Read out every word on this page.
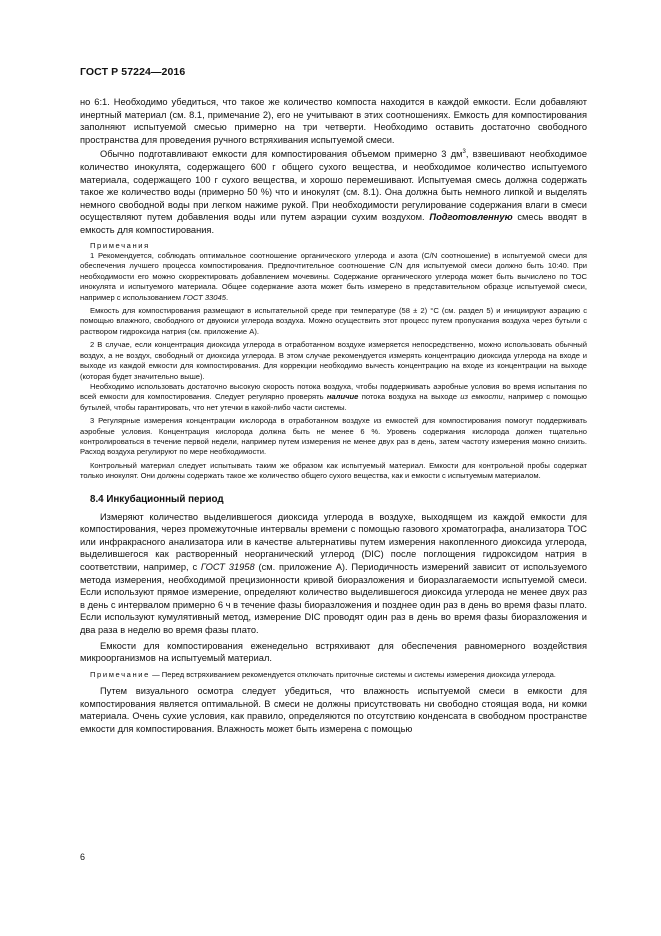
ГОСТ Р 57224—2016

но 6:1. Необходимо убедиться, что такое же количество компоста находится в каждой емкости. Если добавляют инертный материал (см. 8.1, примечание 2), его не учитывают в этих соотношениях. Емкость для компостирования заполняют испытуемой смесью примерно на три четверти. Необходимо оставить достаточно свободного пространства для проведения ручного встряхивания испытуемой смеси.

Обычно подготавливают емкости для компостирования объемом примерно 3 $дм^3$, взвешивают необходимое количество инокулята, содержащего 600 г общего сухого вещества, и необходимое количество испытуемого материала, содержащего 100 г сухого вещества, и хорошо перемешивают. Испытуемая смесь должна содержать такое же количество воды (примерно 50 %) что и инокулят (см. 8.1). Она должна быть немного липкой и выделять немного свободной воды при легком нажиме рукой. При необходимости регулирование содержания влаги в смеси осуществляют путем добавления воды или путем аэрации сухим воздухом. Подготовленную смесь вводят в емкость для компостирования.

Примечания

1 Рекомендуется, соблюдать оптимальное соотношение органического углерода и азота (C/N соотношение) в испытуемой смеси для обеспечения лучшего процесса компостирования. Предпочтительное соотношение C/N для испытуемой смеси должно быть 10:40. При необходимости его можно скорректировать добавлением мочевины. Содержание органического углерода может быть вычислено по ТОС инокулята и испытуемого материала. Общее содержание азота может быть измерено в представительном образце испытуемой смеси, например с использованием ГОСТ 33045.

Емкость для компостирования размещают в испытательной среде при температуре (58 ± 2) °С (см. раздел 5) и инициируют аэрацию с помощью влажного, свободного от двуокиси углерода воздуха. Можно осуществить этот процесс путем пропускания воздуха через бутыли с раствором гидроксида натрия (см. приложение А).

2 В случае, если концентрация диоксида углерода в отработанном воздухе измеряется непосредственно, можно использовать обычный воздух, а не воздух, свободный от диоксида углерода. В этом случае рекомендуется измерять концентрацию диоксида углерода на входе и выходе из каждой емкости для компостирования. Для коррекции необходимо вычесть концентрацию на входе из концентрации на выходе (которая будет значительно выше).

Необходимо использовать достаточно высокую скорость потока воздуха, чтобы поддерживать аэробные условия во время испытания по всей емкости для компостирования. Следует регулярно проверять наличие потока воздуха на выходе из емкости, например с помощью бутылей, чтобы гарантировать, что нет утечки в какой-либо части системы.

3 Регулярные измерения концентрации кислорода в отработанном воздухе из емкостей для компостирования помогут поддерживать аэробные условия. Концентрация кислорода должна быть не менее 6 %. Уровень содержания кислорода должен тщательно контролироваться в течение первой недели, например путем измерения не менее двух раз в день, затем частоту измерения можно снизить. Расход воздуха регулируют по мере необходимости.

Контрольный материал следует испытывать таким же образом как испытуемый материал. Емкости для контрольной пробы содержат только инокулят. Они должны содержать такое же количество общего сухого вещества, как и емкости с испытуемым материалом.

8.4 Инкубационный период

Измеряют количество выделившегося диоксида углерода в воздухе, выходящем из каждой емкости для компостирования, через промежуточные интервалы времени с помощью газового хроматографа, анализатора TOC или инфракрасного анализатора или в качестве альтернативы путем измерения накопленного диоксида углерода, выделившегося как растворенный неорганический углерод (DIC) после поглощения гидроксидом натрия в соответствии, например, с ГОСТ 31958 (см. приложение А). Периодичность измерений зависит от используемого метода измерения, необходимой прецизионности кривой биоразложения и биоразлагаемости испытуемой смеси. Если используют прямое измерение, определяют количество выделившегося диоксида углерода не менее двух раз в день с интервалом примерно 6 ч в течение фазы биоразложения и позднее один раз в день во время фазы плато. Если используют кумулятивный метод, измерение DIC проводят один раз в день во время фазы биоразложения и два раза в неделю во время фазы плато.

Емкости для компостирования еженедельно встряхивают для обеспечения равномерного воздействия микроорганизмов на испытуемый материал.

Примечание — Перед встряхиванием рекомендуется отключать приточные системы и системы измерения диоксида углерода.

Путем визуального осмотра следует убедиться, что влажность испытуемой смеси в емкости для компостирования является оптимальной. В смеси не должны присутствовать ни свободно стоящая вода, ни комки материала. Очень сухие условия, как правило, определяются по отсутствию конденсата в свободном пространстве емкости для компостирования. Влажность может быть измерена с помощью

6
